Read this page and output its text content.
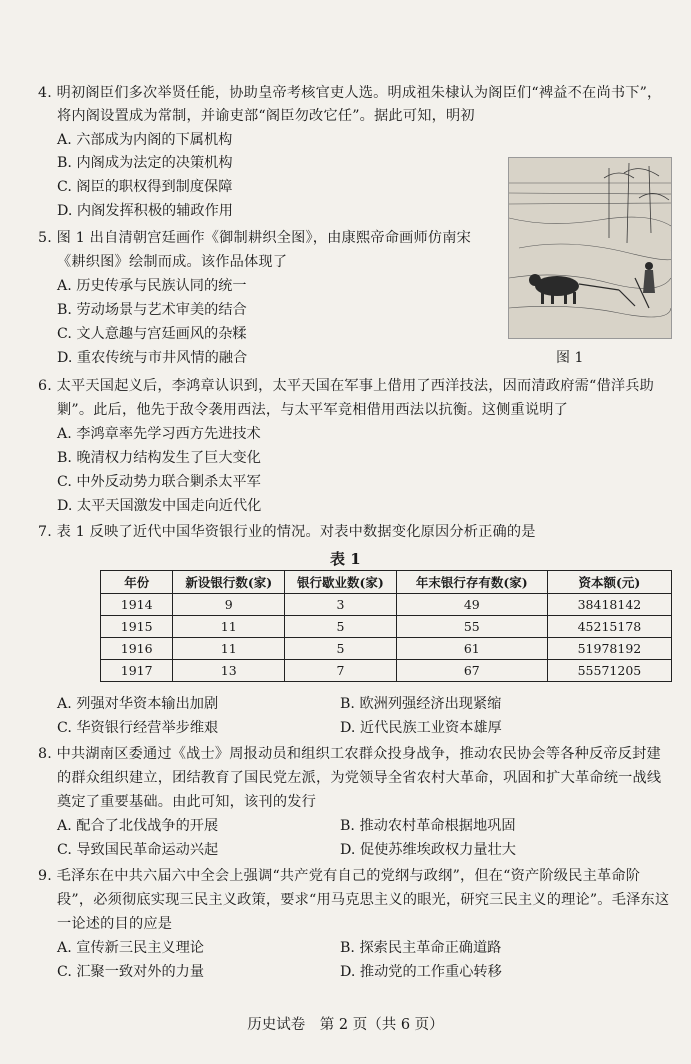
4. 明初阁臣们多次举贤任能，协助皇帝考核官吏人选。明成祖朱棣认为阁臣们“裨益不在尚书下”，
将内阁设置成为常制，并谕吏部“阁臣勿改它任”。据此可知，明初
A. 六部成为内阁的下属机构
B. 内阁成为法定的决策机构
C. 阁臣的职权得到制度保障
D. 内阁发挥积极的辅政作用
5. 图 1 出自清朝宫廷画作《御制耕织全图》，由康熙帝命画师仿南宋
《耕织图》绘制而成。该作品体现了
A. 历史传承与民族认同的统一
B. 劳动场景与艺术审美的结合
C. 文人意趣与宫廷画风的杂糅
D. 重农传统与市井风情的融合	图 1
6. 太平天国起义后，李鸿章认识到，太平天国在军事上借用了西洋技法，因而清政府需“借洋兵助
剿”。此后，他先于敌令袭用西法，与太平军竞相借用西法以抗衡。这侧重说明了
A. 李鸿章率先学习西方先进技术
B. 晚清权力结构发生了巨大变化
C. 中外反动势力联合剿杀太平军
D. 太平天国激发中国走向近代化
7. 表 1 反映了近代中国华资银行业的情况。对表中数据变化原因分析正确的是
表 1
年份	新设银行数(家)	银行歇业数(家)	年末银行存有数(家)	资本额(元)
1914	9	3	49	38418142
1915	11	5	55	45215178
1916	11	5	61	51978192
1917	13	7	67	55571205
A. 列强对华资本输出加剧	B. 欧洲列强经济出现紧缩
C. 华资银行经营举步维艰	D. 近代民族工业资本雄厚
8. 中共湖南区委通过《战士》周报动员和组织工农群众投身战争，推动农民协会等各种反帝反封建
的群众组织建立，团结教育了国民党左派，为党领导全省农村大革命，巩固和扩大革命统一战线
奠定了重要基础。由此可知，该刊的发行
A. 配合了北伐战争的开展	B. 推动农村革命根据地巩固
C. 导致国民革命运动兴起	D. 促使苏维埃政权力量壮大
9. 毛泽东在中共六届六中全会上强调“共产党有自己的党纲与政纲”，但在“资产阶级民主革命阶
段”，必须彻底实现三民主义政策，要求“用马克思主义的眼光，研究三民主义的理论”。毛泽东这
一论述的目的应是
A. 宣传新三民主义理论	B. 探索民主革命正确道路
C. 汇聚一致对外的力量	D. 推动党的工作重心转移
历史试卷　第 2 页（共 6 页）
